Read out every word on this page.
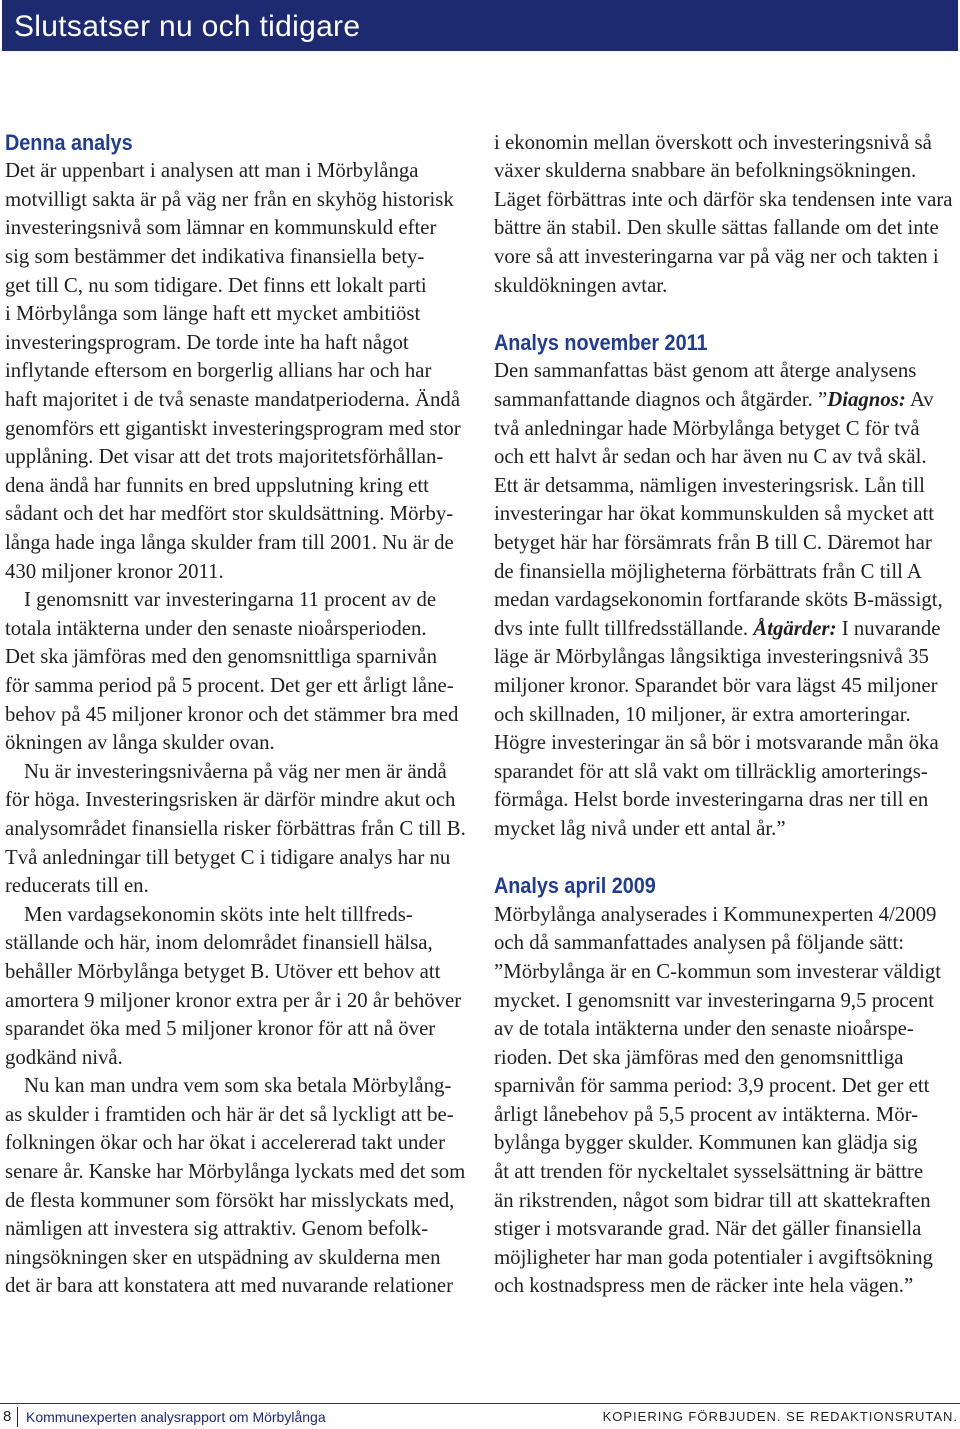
Slutsatser nu och tidigare
Denna analys
Det är uppenbart i analysen att man i Mörbylånga
motvilligt sakta är på väg ner från en skyhög historisk
investeringsnivå som lämnar en kommunskuld efter
sig som bestämmer det indikativa finansiella bety-
get till C, nu som tidigare. Det finns ett lokalt parti
i Mörbylånga som länge haft ett mycket ambitiöst
investeringsprogram. De torde inte ha haft något
inflytande eftersom en borgerlig allians har och har
haft majoritet i de två senaste mandatperioderna. Ändå
genomförs ett gigantiskt investeringsprogram med stor
upplåning. Det visar att det trots majoritetsförhållan-
dena ändå har funnits en bred uppslutning kring ett
sådant och det har medfört stor skuldsättning. Mörby-
långa hade inga långa skulder fram till 2001. Nu är de
430 miljoner kronor 2011.
I genomsnitt var investeringarna 11 procent av de
totala intäkterna under den senaste nioårsperioden.
Det ska jämföras med den genomsnittliga sparnivån
för samma period på 5 procent. Det ger ett årligt låne-
behov på 45 miljoner kronor och det stämmer bra med
ökningen av långa skulder ovan.
Nu är investeringsnivåerna på väg ner men är ändå
för höga. Investeringsrisken är därför mindre akut och
analysområdet finansiella risker förbättras från C till B.
Två anledningar till betyget C i tidigare analys har nu
reducerats till en.
Men vardagsekonomin sköts inte helt tillfreds-
ställande och här, inom delområdet finansiell hälsa,
behåller Mörbylånga betyget B. Utöver ett behov att
amortera 9 miljoner kronor extra per år i 20 år behöver
sparandet öka med 5 miljoner kronor för att nå över
godkänd nivå.
Nu kan man undra vem som ska betala Mörbylång-
as skulder i framtiden och här är det så lyckligt att be-
folkningen ökar och har ökat i accelererad takt under
senare år. Kanske har Mörbylånga lyckats med det som
de flesta kommuner som försökt har misslyckats med,
nämligen att investera sig attraktiv. Genom befolk-
ningsökningen sker en utspädning av skulderna men
det är bara att konstatera att med nuvarande relationer
i ekonomin mellan överskott och investeringsnivå så
växer skulderna snabbare än befolkningsökningen.
Läget förbättras inte och därför ska tendensen inte vara
bättre än stabil. Den skulle sättas fallande om det inte
vore så att investeringarna var på väg ner och takten i
skuldökningen avtar.
Analys november 2011
Den sammanfattas bäst genom att återge analysens
sammanfattande diagnos och åtgärder. ”Diagnos: Av
två anledningar hade Mörbylånga betyget C för två
och ett halvt år sedan och har även nu C av två skäl.
Ett är detsamma, nämligen investeringsrisk. Lån till
investeringar har ökat kommunskulden så mycket att
betyget här har försämrats från B till C. Däremot har
de finansiella möjligheterna förbättrats från C till A
medan vardagsekonomin fortfarande sköts B-mässigt,
dvs inte fullt tillfredsställande. Åtgärder: I nuvarande
läge är Mörbylångas långsiktiga investeringsnivå 35
miljoner kronor. Sparandet bör vara lägst 45 miljoner
och skillnaden, 10 miljoner, är extra amorteringar.
Högre investeringar än så bör i motsvarande mån öka
sparandet för att slå vakt om tillräcklig amorterings-
förmåga. Helst borde investeringarna dras ner till en
mycket låg nivå under ett antal år.”
Analys april 2009
Mörbylånga analyserades i Kommunexperten 4/2009
och då sammanfattades analysen på följande sätt:
”Mörbylånga är en C-kommun som investerar väldigt
mycket. I genomsnitt var investeringarna 9,5 procent
av de totala intäkterna under den senaste nioårspe-
rioden. Det ska jämföras med den genomsnittliga
sparnivån för samma period: 3,9 procent. Det ger ett
årligt lånebehov på 5,5 procent av intäkterna. Mör-
bylånga bygger skulder. Kommunen kan glädja sig
åt att trenden för nyckeltalet sysselsättning är bättre
än rikstrenden, något som bidrar till att skattekraften
stiger i motsvarande grad. När det gäller finansiella
möjligheter har man goda potentialer i avgiftsökning
och kostnadspress men de räcker inte hela vägen.”
8 Kommunexperten analysrapport om Mörbylånga	KOPIERING FÖRBJUDEN. SE REDAKTIONSRUTAN.
